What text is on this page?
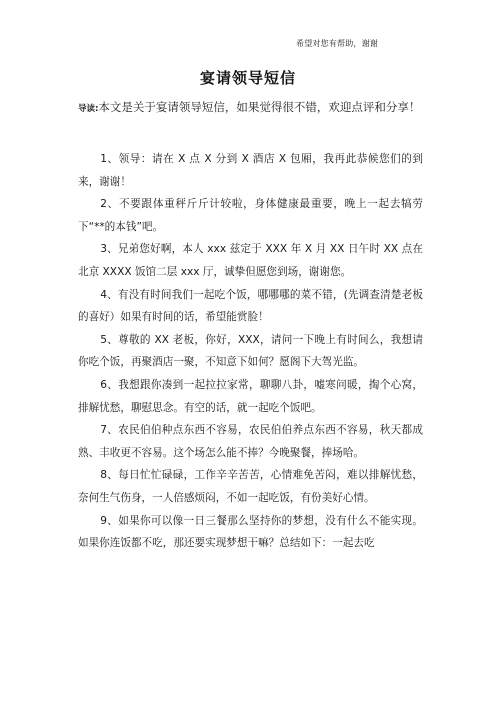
希望对您有帮助，谢谢
宴请领导短信
导读:本文是关于宴请领导短信，如果觉得很不错，欢迎点评和分享！

1、领导：请在 X 点 X 分到 X 酒店 X 包厢，我再此恭候您们的到来，谢谢！

2、不要跟体重秤斤斤计较啦，身体健康最重要，晚上一起去犒劳下“**的本钱”吧。

3、兄弟您好啊，本人 xxx 兹定于 XXX 年 X 月 XX 日午时 XX 点在北京 XXXX 饭馆二层 xxx 厅，诚挚但愿您到场，谢谢您。

4、有没有时间我们一起吃个饭，哪哪哪的菜不错，(先调查清楚老板的喜好）如果有时间的话，希望能赏脸！

5、尊敬的 XX 老板，你好，XXX，请问一下晚上有时间么，我想请你吃个饭，再聚酒店一聚，不知意下如何？愿阁下大驾光监。

6、我想跟你凑到一起拉拉家常，聊聊八卦，嘘寒问暖，掏个心窝，排解忧愁，聊慰思念。有空的话，就一起吃个饭吧。

7、农民伯伯种点东西不容易，农民伯伯养点东西不容易，秋天都成熟、丰收更不容易。这个场怎么能不捧？今晚聚餐，捧场哈。

8、每日忙忙碌碌，工作辛辛苦苦，心情难免苦闷，难以排解忧愁，奈何生气伤身，一人倍感烦闷，不如一起吃饭，有份美好心情。

9、如果你可以像一日三餐那么坚持你的梦想，没有什么不能实现。如果你连饭都不吃，那还要实现梦想干嘛？总结如下：一起去吃
